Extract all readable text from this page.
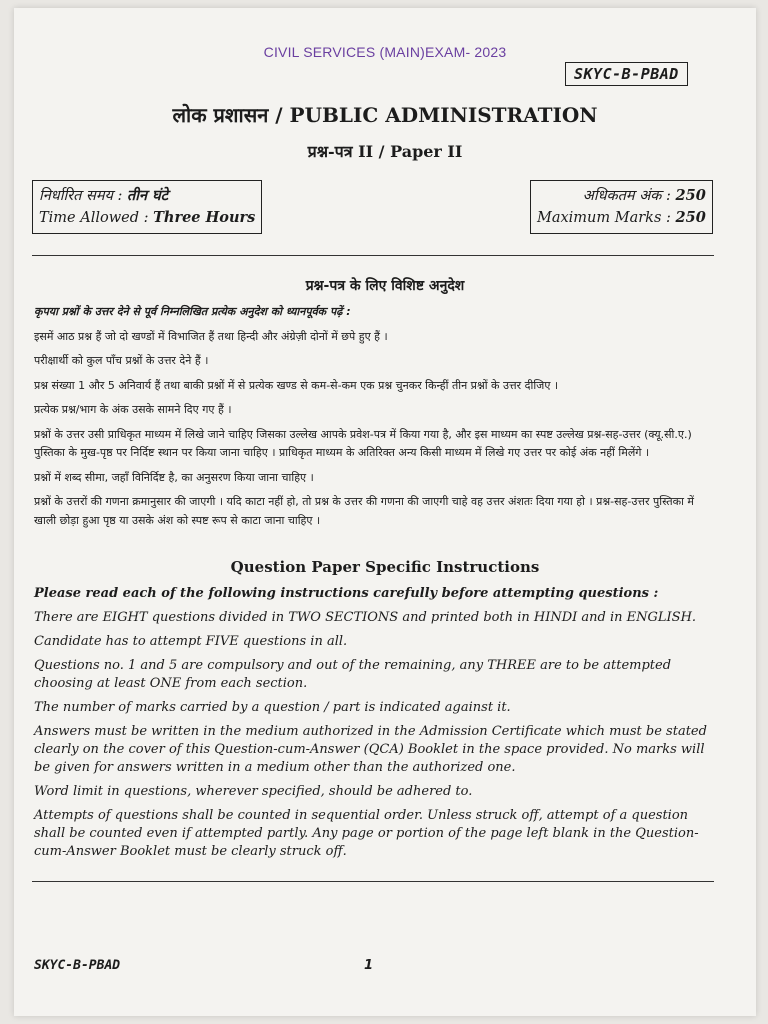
CIVIL SERVICES (MAIN)EXAM- 2023
SKYC-B-PBAD
लोक प्रशासन / PUBLIC ADMINISTRATION
प्रश्न-पत्र II / Paper II
निर्धारित समय : तीन घंटे
Time Allowed : Three Hours
अधिकतम अंक : 250
Maximum Marks : 250
प्रश्न-पत्र के लिए विशिष्ट अनुदेश

कृपया प्रश्नों के उत्तर देने से पूर्व निम्नलिखित प्रत्येक अनुदेश को ध्यानपूर्वक पढ़ें :

इसमें आठ प्रश्न हैं जो दो खण्डों में विभाजित हैं तथा हिन्दी और अंग्रेज़ी दोनों में छपे हुए हैं ।

परीक्षार्थी को कुल पाँच प्रश्नों के उत्तर देने हैं ।

प्रश्न संख्या 1 और 5 अनिवार्य हैं तथा बाकी प्रश्नों में से प्रत्येक खण्ड से कम-से-कम एक प्रश्न चुनकर किन्हीं तीन प्रश्नों के उत्तर दीजिए ।

प्रत्येक प्रश्न/भाग के अंक उसके सामने दिए गए हैं ।

प्रश्नों के उत्तर उसी प्राधिकृत माध्यम में लिखे जाने चाहिए जिसका उल्लेख आपके प्रवेश-पत्र में किया गया है, और इस माध्यम का स्पष्ट उल्लेख प्रश्न-सह-उत्तर (क्यू.सी.ए.) पुस्तिका के मुख-पृष्ठ पर निर्दिष्ट स्थान पर किया जाना चाहिए । प्राधिकृत माध्यम के अतिरिक्त अन्य किसी माध्यम में लिखे गए उत्तर पर कोई अंक नहीं मिलेंगे ।

प्रश्नों में शब्द सीमा, जहाँ विनिर्दिष्ट है, का अनुसरण किया जाना चाहिए ।

प्रश्नों के उत्तरों की गणना क्रमानुसार की जाएगी । यदि काटा नहीं हो, तो प्रश्न के उत्तर की गणना की जाएगी चाहे वह उत्तर अंशतः दिया गया हो । प्रश्न-सह-उत्तर पुस्तिका में खाली छोड़ा हुआ पृष्ठ या उसके अंश को स्पष्ट रूप से काटा जाना चाहिए ।

Question Paper Specific Instructions

Please read each of the following instructions carefully before attempting questions :

There are EIGHT questions divided in TWO SECTIONS and printed both in HINDI and in ENGLISH.

Candidate has to attempt FIVE questions in all.

Questions no. 1 and 5 are compulsory and out of the remaining, any THREE are to be attempted choosing at least ONE from each section.

The number of marks carried by a question / part is indicated against it.

Answers must be written in the medium authorized in the Admission Certificate which must be stated clearly on the cover of this Question-cum-Answer (QCA) Booklet in the space provided. No marks will be given for answers written in a medium other than the authorized one.

Word limit in questions, wherever specified, should be adhered to.

Attempts of questions shall be counted in sequential order. Unless struck off, attempt of a question shall be counted even if attempted partly. Any page or portion of the page left blank in the Question-cum-Answer Booklet must be clearly struck off.

SKYC-B-PBAD	1
